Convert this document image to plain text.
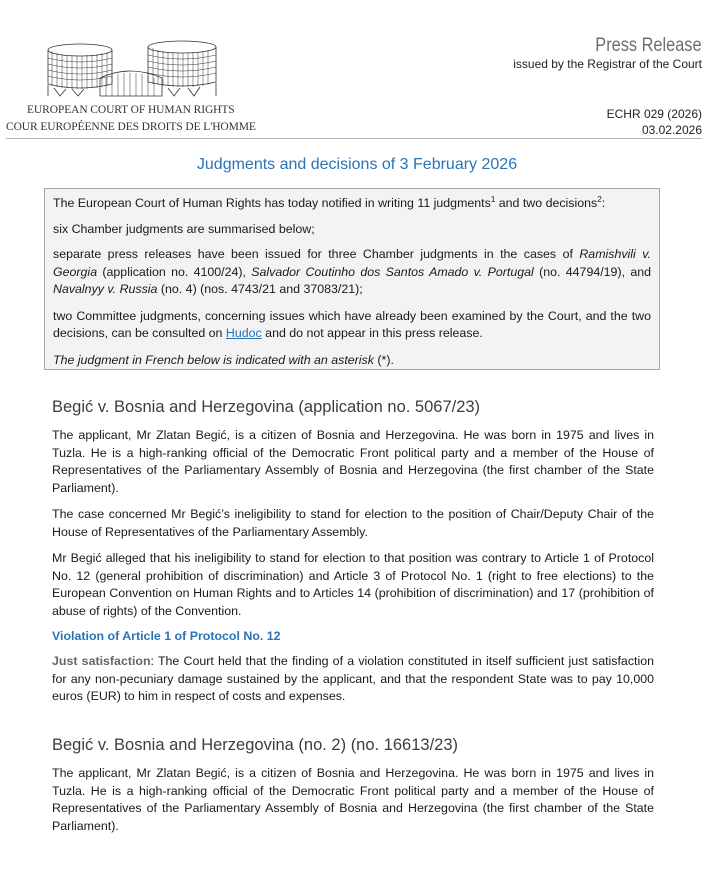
EUROPEAN COURT OF HUMAN RIGHTS
COUR EUROPÉENNE DES DROITS DE L'HOMME
Press Release
issued by the Registrar of the Court
ECHR 029 (2026)
03.02.2026
Judgments and decisions of 3 February 2026

The European Court of Human Rights has today notified in writing 11 judgments$^1$ and two decisions$^2$:

six Chamber judgments are summarised below;

separate press releases have been issued for three Chamber judgments in the cases of Ramishvili v. Georgia (application no. 4100/24), Salvador Coutinho dos Santos Amado v. Portugal (no. 44794/19), and Navalnyy v. Russia (no. 4) (nos. 4743/21 and 37083/21);

two Committee judgments, concerning issues which have already been examined by the Court, and the two decisions, can be consulted on Hudoc and do not appear in this press release.

The judgment in French below is indicated with an asterisk (*).

Begić v. Bosnia and Herzegovina (application no. 5067/23)

The applicant, Mr Zlatan Begić, is a citizen of Bosnia and Herzegovina. He was born in 1975 and lives in Tuzla. He is a high-ranking official of the Democratic Front political party and a member of the House of Representatives of the Parliamentary Assembly of Bosnia and Herzegovina (the first chamber of the State Parliament).

The case concerned Mr Begić’s ineligibility to stand for election to the position of Chair/Deputy Chair of the House of Representatives of the Parliamentary Assembly.

Mr Begić alleged that his ineligibility to stand for election to that position was contrary to Article 1 of Protocol No. 12 (general prohibition of discrimination) and Article 3 of Protocol No. 1 (right to free elections) to the European Convention on Human Rights and to Articles 14 (prohibition of discrimination) and 17 (prohibition of abuse of rights) of the Convention.

Violation of Article 1 of Protocol No. 12

Just satisfaction: The Court held that the finding of a violation constituted in itself sufficient just satisfaction for any non-pecuniary damage sustained by the applicant, and that the respondent State was to pay 10,000 euros (EUR) to him in respect of costs and expenses.

Begić v. Bosnia and Herzegovina (no. 2) (no. 16613/23)

The applicant, Mr Zlatan Begić, is a citizen of Bosnia and Herzegovina. He was born in 1975 and lives in Tuzla. He is a high-ranking official of the Democratic Front political party and a member of the House of Representatives of the Parliamentary Assembly of Bosnia and Herzegovina (the first chamber of the State Parliament).
